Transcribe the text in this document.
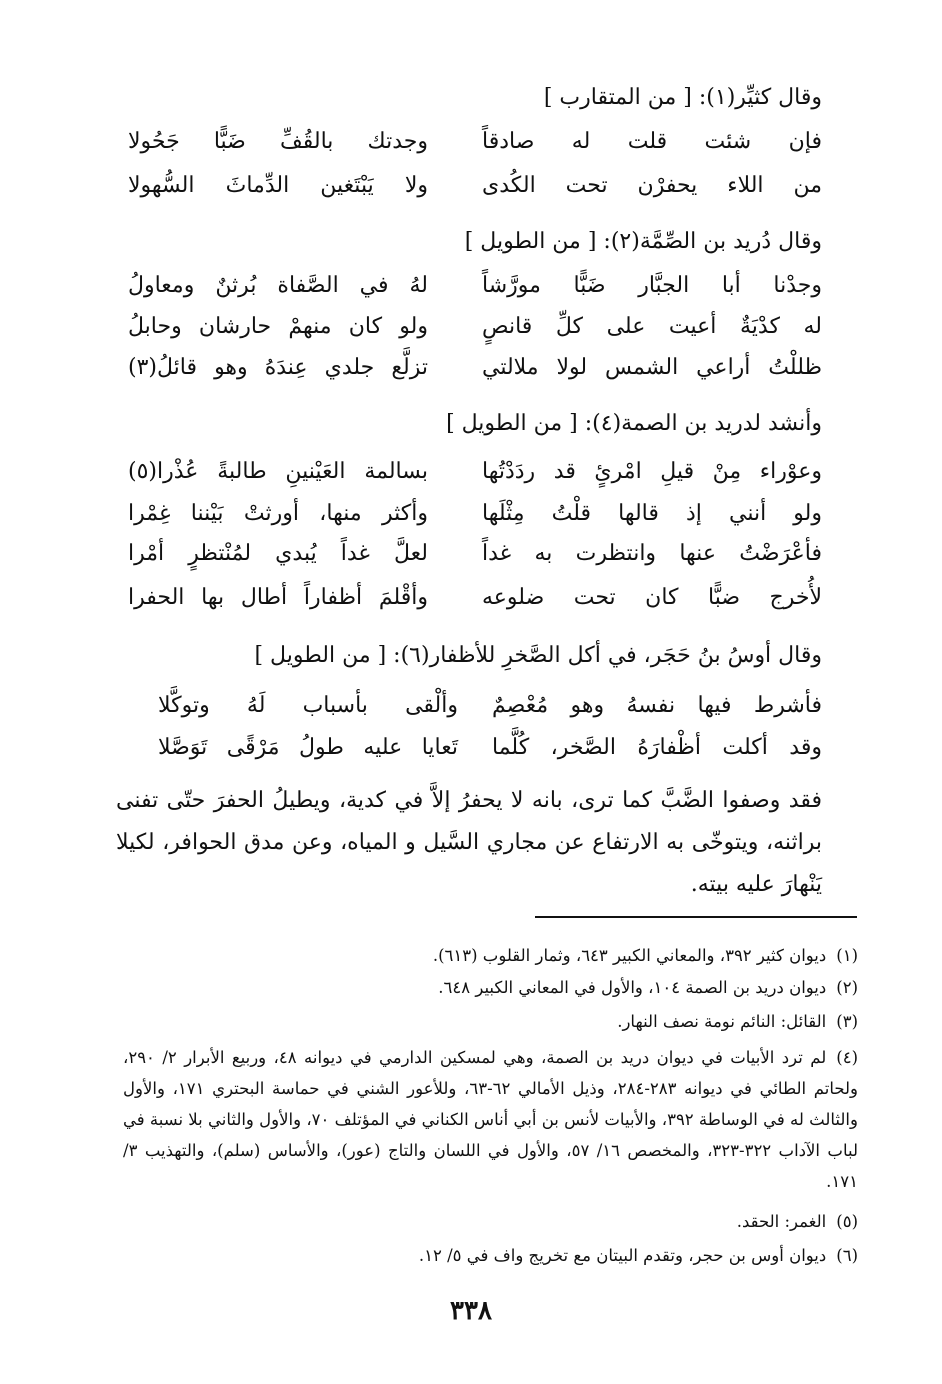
وقال كثيِّر(١): [ من المتقارب ]
فإن شئت قلت له صادقاً
وجدتك بالقُفِّ ضَبًّا جَحُولا
من اللاء يحفرْن تحت الكُدى
ولا يَبْتَغين الدِّماثَ السُّهولا
وقال دُريد بن الصِّمَّة(٢): [ من الطويل ]
وجدْنا أبا الجبَّار ضَبًّا مورَّشاً
لهُ في الصَّفاة بُرثنٌ ومعاولُ
له كدْيَةٌ أعيت على كلِّ قانصٍ
ولو كان منهمْ حارشان وحابلُ
ظللْتُ أراعي الشمس لولا ملالتي
تزلَّع جلدي عِندَهُ وهو قائلُ(٣)
وأنشد لدريد بن الصمة(٤): [ من الطويل ]
وعوْراء مِنْ قيلِ امْرئٍ قد ردَدْتُها
بسالمة العَيْنينِ طالبةً عُذْرا(٥)
ولو أنني إذ قالها قلْتُ مِثْلَها
وأكثر منها، أورثتْ بَيْننا غِمْرا
فأعْرَضْتُ عنها وانتظرت به غداً
لعلَّ غداً يُبدي لمُنْتظرٍ أمْرا
لأُخرج ضبًّا كان تحت ضلوعه
وأقْلمَ أظفاراً أطال بها الحفرا
وقال أوسُ بنُ حَجَر، في أكل الصَّخرِ للأظفار(٦): [ من الطويل ]
فأشرط فيها نفسهُ وهو مُعْصِمٌ
وألْقى بأسباب لَهُ وتوكَّلا
وقد أكلت أظْفارَهُ الصَّخر، كُلَّما
تَعايا عليه طولُ مَرْقًى تَوَصَّلا
فقد وصفوا الضَّبَّ كما ترى، بانه لا يحفرُ إلاَّ في كدية، ويطيلُ الحفرَ حتّى تفنى براثنه، ويتوخّى به الارتفاع عن مجاري السَّيل و المياه، وعن مدق الحوافر، لكيلا يَنْهارَ عليه بيته.
(١)ديوان كثير ٣٩٢، والمعاني الكبير ٦٤٣، وثمار القلوب (٦١٣).
(٢)ديوان دريد بن الصمة ١٠٤، والأول في المعاني الكبير ٦٤٨.
(٣)القائل: النائم نومة نصف النهار.
(٤)لم ترد الأبيات في ديوان دريد بن الصمة، وهي لمسكين الدارمي في ديوانه ٤٨، وربيع الأبرار ٢/ ٢٩٠، ولحاتم الطائي في ديوانه ٢٨٣-٢٨٤، وذيل الأمالي ٦٢-٦٣، وللأعور الشني في حماسة البحتري ١٧١، والأول والثالث له في الوساطة ٣٩٢، والأبيات لأنس بن أبي أناس الكناني في المؤتلف ٧٠، والأول والثاني بلا نسبة في لباب الآداب ٣٢٢-٣٢٣، والمخصص ١٦/ ٥٧، والأول في اللسان والتاج (عور)، والأساس (سلم)، والتهذيب ٣/ ١٧١.
(٥)الغمر: الحقد.
(٦)ديوان أوس بن حجر، وتقدم البيتان مع تخريج واف في ٥/ ١٢.
٣٣٨
